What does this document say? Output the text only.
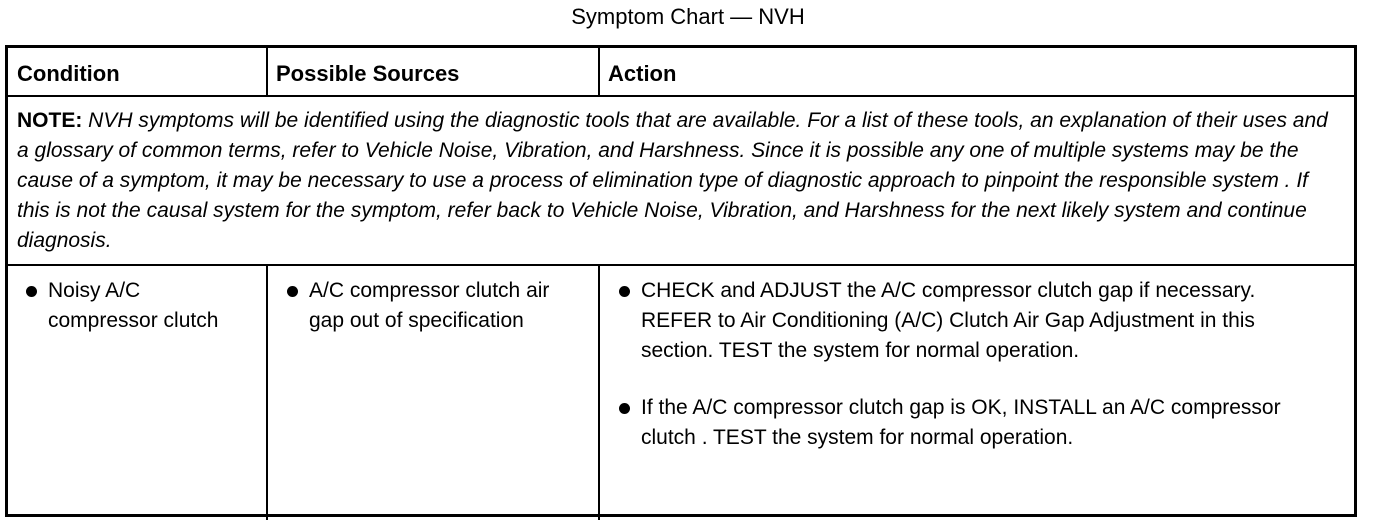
Symptom Chart — NVH
Condition	Possible Sources	Action
NOTE: NVH symptoms will be identified using the diagnostic tools that are available. For a list of these tools, an explanation of their uses and a glossary of common terms, refer to Vehicle Noise, Vibration, and Harshness. Since it is possible any one of multiple systems may be the cause of a symptom, it may be necessary to use a process of elimination type of diagnostic approach to pinpoint the responsible system . If this is not the causal system for the symptom, refer back to Vehicle Noise, Vibration, and Harshness for the next likely system and continue diagnosis.
Noisy A/C compressor clutch
A/C compressor clutch air gap out of specification
CHECK and ADJUST the A/C compressor clutch gap if necessary. REFER to Air Conditioning (A/C) Clutch Air Gap Adjustment in this section. TEST the system for normal operation.
If the A/C compressor clutch gap is OK, INSTALL an A/C compressor clutch . TEST the system for normal operation.
